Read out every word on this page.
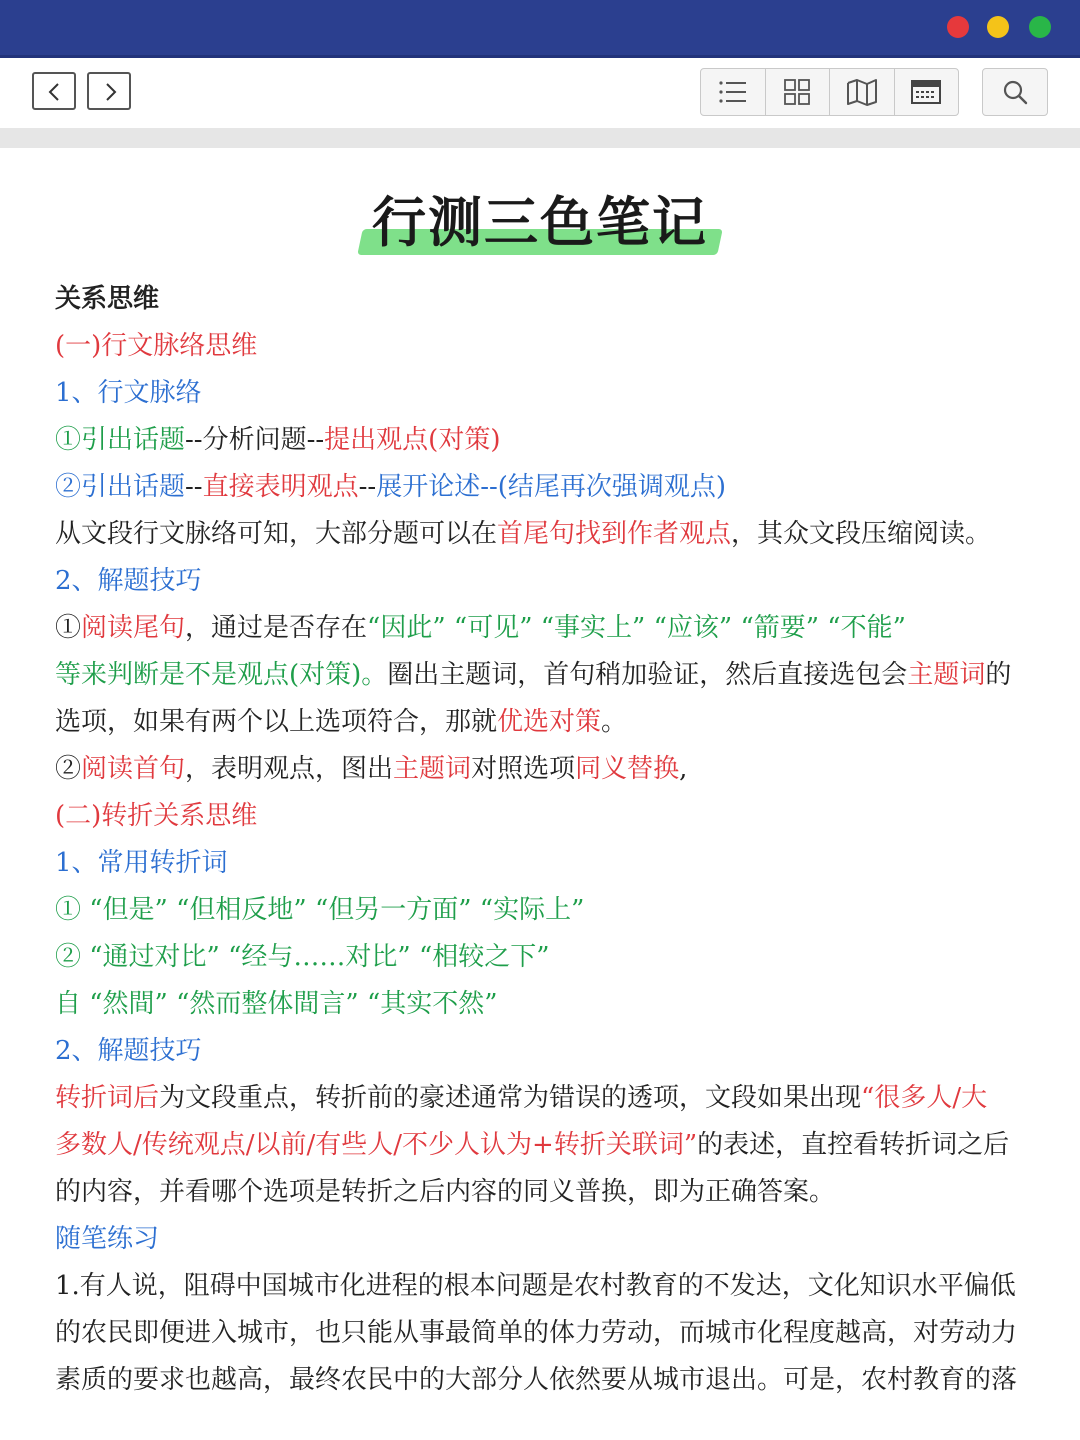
行测三色笔记
关系思维
(一)行文脉络思维
1、行文脉络
①引出话题--分析问题--提出观点(对策)
②引出话题--直接表明观点--展开论述--(结尾再次强调观点)
从文段行文脉络可知，大部分题可以在首尾句找到作者观点，其众文段压缩阅读。
2、解题技巧
①阅读尾句，通过是否存在“因此” “可见” “事实上” “应该” “箭要” “不能”
等来判断是不是观点(对策)。圈出主题词，首句稍加验证，然后直接选包会主题词的
选项，如果有两个以上选项符合，那就优选对策。
②阅读首句，表明观点，图出主题词对照选项同义替换,
(二)转折关系思维
1、常用转折词
① “但是” “但相反地” “但另一方面” “实际上”
② “通过对比” “经与……对比” “相较之下”
自 “然間” “然而整体間言” “其实不然”
2、解题技巧
转折词后为文段重点，转折前的豪述通常为错误的透项，文段如果出现“很多人/大
多数人/传统观点/以前/有些人/不少人认为+转折关联词”的表述，直控看转折词之后
的内容，并看哪个选项是转折之后内容的同义普换，即为正确答案。
随笔练习
1.有人说，阻碍中国城市化进程的根本问题是农村教育的不发达，文化知识水平偏低
的农民即便进入城市，也只能从事最简单的体力劳动，而城市化程度越高，对劳动力
素质的要求也越高，最终农民中的大部分人依然要从城市退出。可是，农村教育的落
